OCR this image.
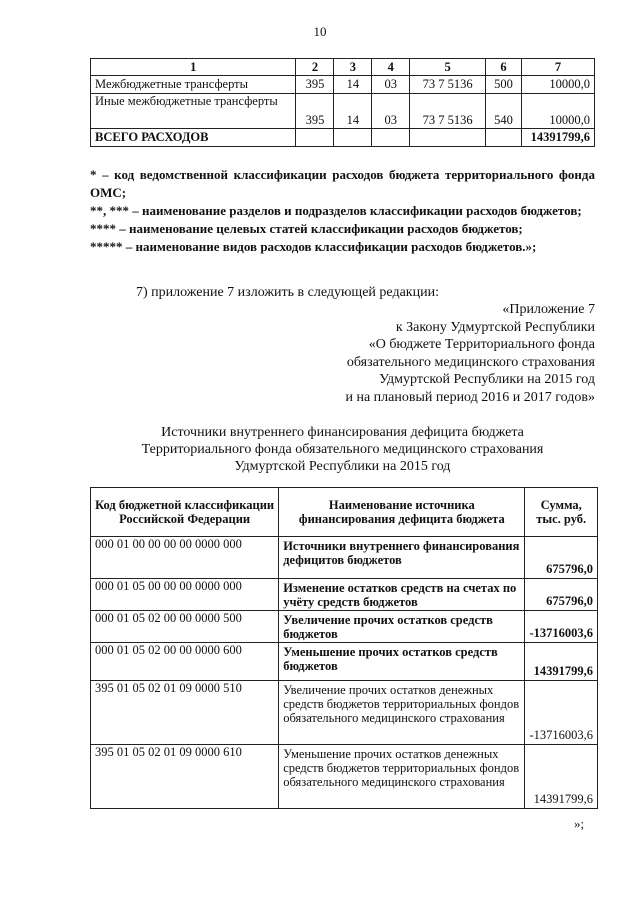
10
1	2	3	4	5	6	7
Межбюджетные трансферты	395	14	03	73 7 5136	500	10000,0
Иные межбюджетные трансферты	395	14	03	73 7 5136	540	10000,0
ВСЕГО РАСХОДОВ						14391799,6

* – код ведомственной классификации расходов бюджета территориального фонда ОМС;

**, *** – наименование разделов и подразделов классификации расходов бюджетов;

**** – наименование целевых статей классификации расходов бюджетов;

***** – наименование видов расходов классификации расходов бюджетов.»;

7) приложение 7 изложить в следующей редакции:
«Приложение 7
к Закону Удмуртской Республики
«О бюджете Территориального фонда
обязательного медицинского страхования
Удмуртской Республики на 2015 год
и на плановый период 2016 и 2017 годов»
Источники внутреннего финансирования дефицита бюджета
Территориального фонда обязательного медицинского страхования
Удмуртской Республики на 2015 год
Код бюджетной классификации Российской Федерации	Наименование источника финансирования дефицита бюджета	Сумма, тыс. руб.
000 01 00 00 00 00 0000 000	Источники внутреннего финансирования дефицитов бюджетов	675796,0
000 01 05 00 00 00 0000 000	Изменение остатков средств на счетах по учёту средств бюджетов	675796,0
000 01 05 02 00 00 0000 500	Увеличение прочих остатков средств бюджетов	-13716003,6
000 01 05 02 00 00 0000 600	Уменьшение прочих остатков средств бюджетов	14391799,6
395 01 05 02 01 09 0000 510	Увеличение прочих остатков денежных средств бюджетов территориальных фондов обязательного медицинского страхования	-13716003,6
395 01 05 02 01 09 0000 610	Уменьшение прочих остатков денежных средств бюджетов территориальных фондов обязательного медицинского страхования	14391799,6
»;
